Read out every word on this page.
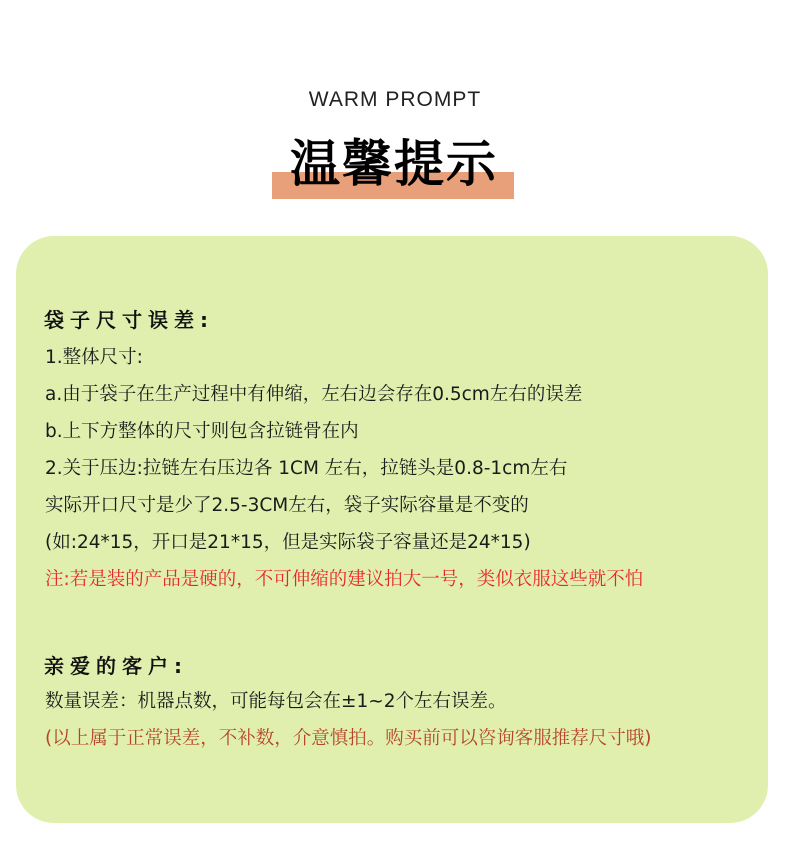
WARM PROMPT
温馨提示
袋子尺寸误差:
1.整体尺寸:
a.由于袋子在生产过程中有伸缩，左右边会存在0.5cm左右的误差
b.上下方整体的尺寸则包含拉链骨在内
2.关于压边:拉链左右压边各 1CM 左右，拉链头是0.8-1cm左右
实际开口尺寸是少了2.5-3CM左右，袋子实际容量是不变的
(如:24*15，开口是21*15，但是实际袋子容量还是24*15)
注:若是装的产品是硬的，不可伸缩的建议拍大一号，类似衣服这些就不怕
亲爱的客户:
数量误差：机器点数，可能每包会在±1~2个左右误差。
(以上属于正常误差，不补数，介意慎拍。购买前可以咨询客服推荐尺寸哦)
